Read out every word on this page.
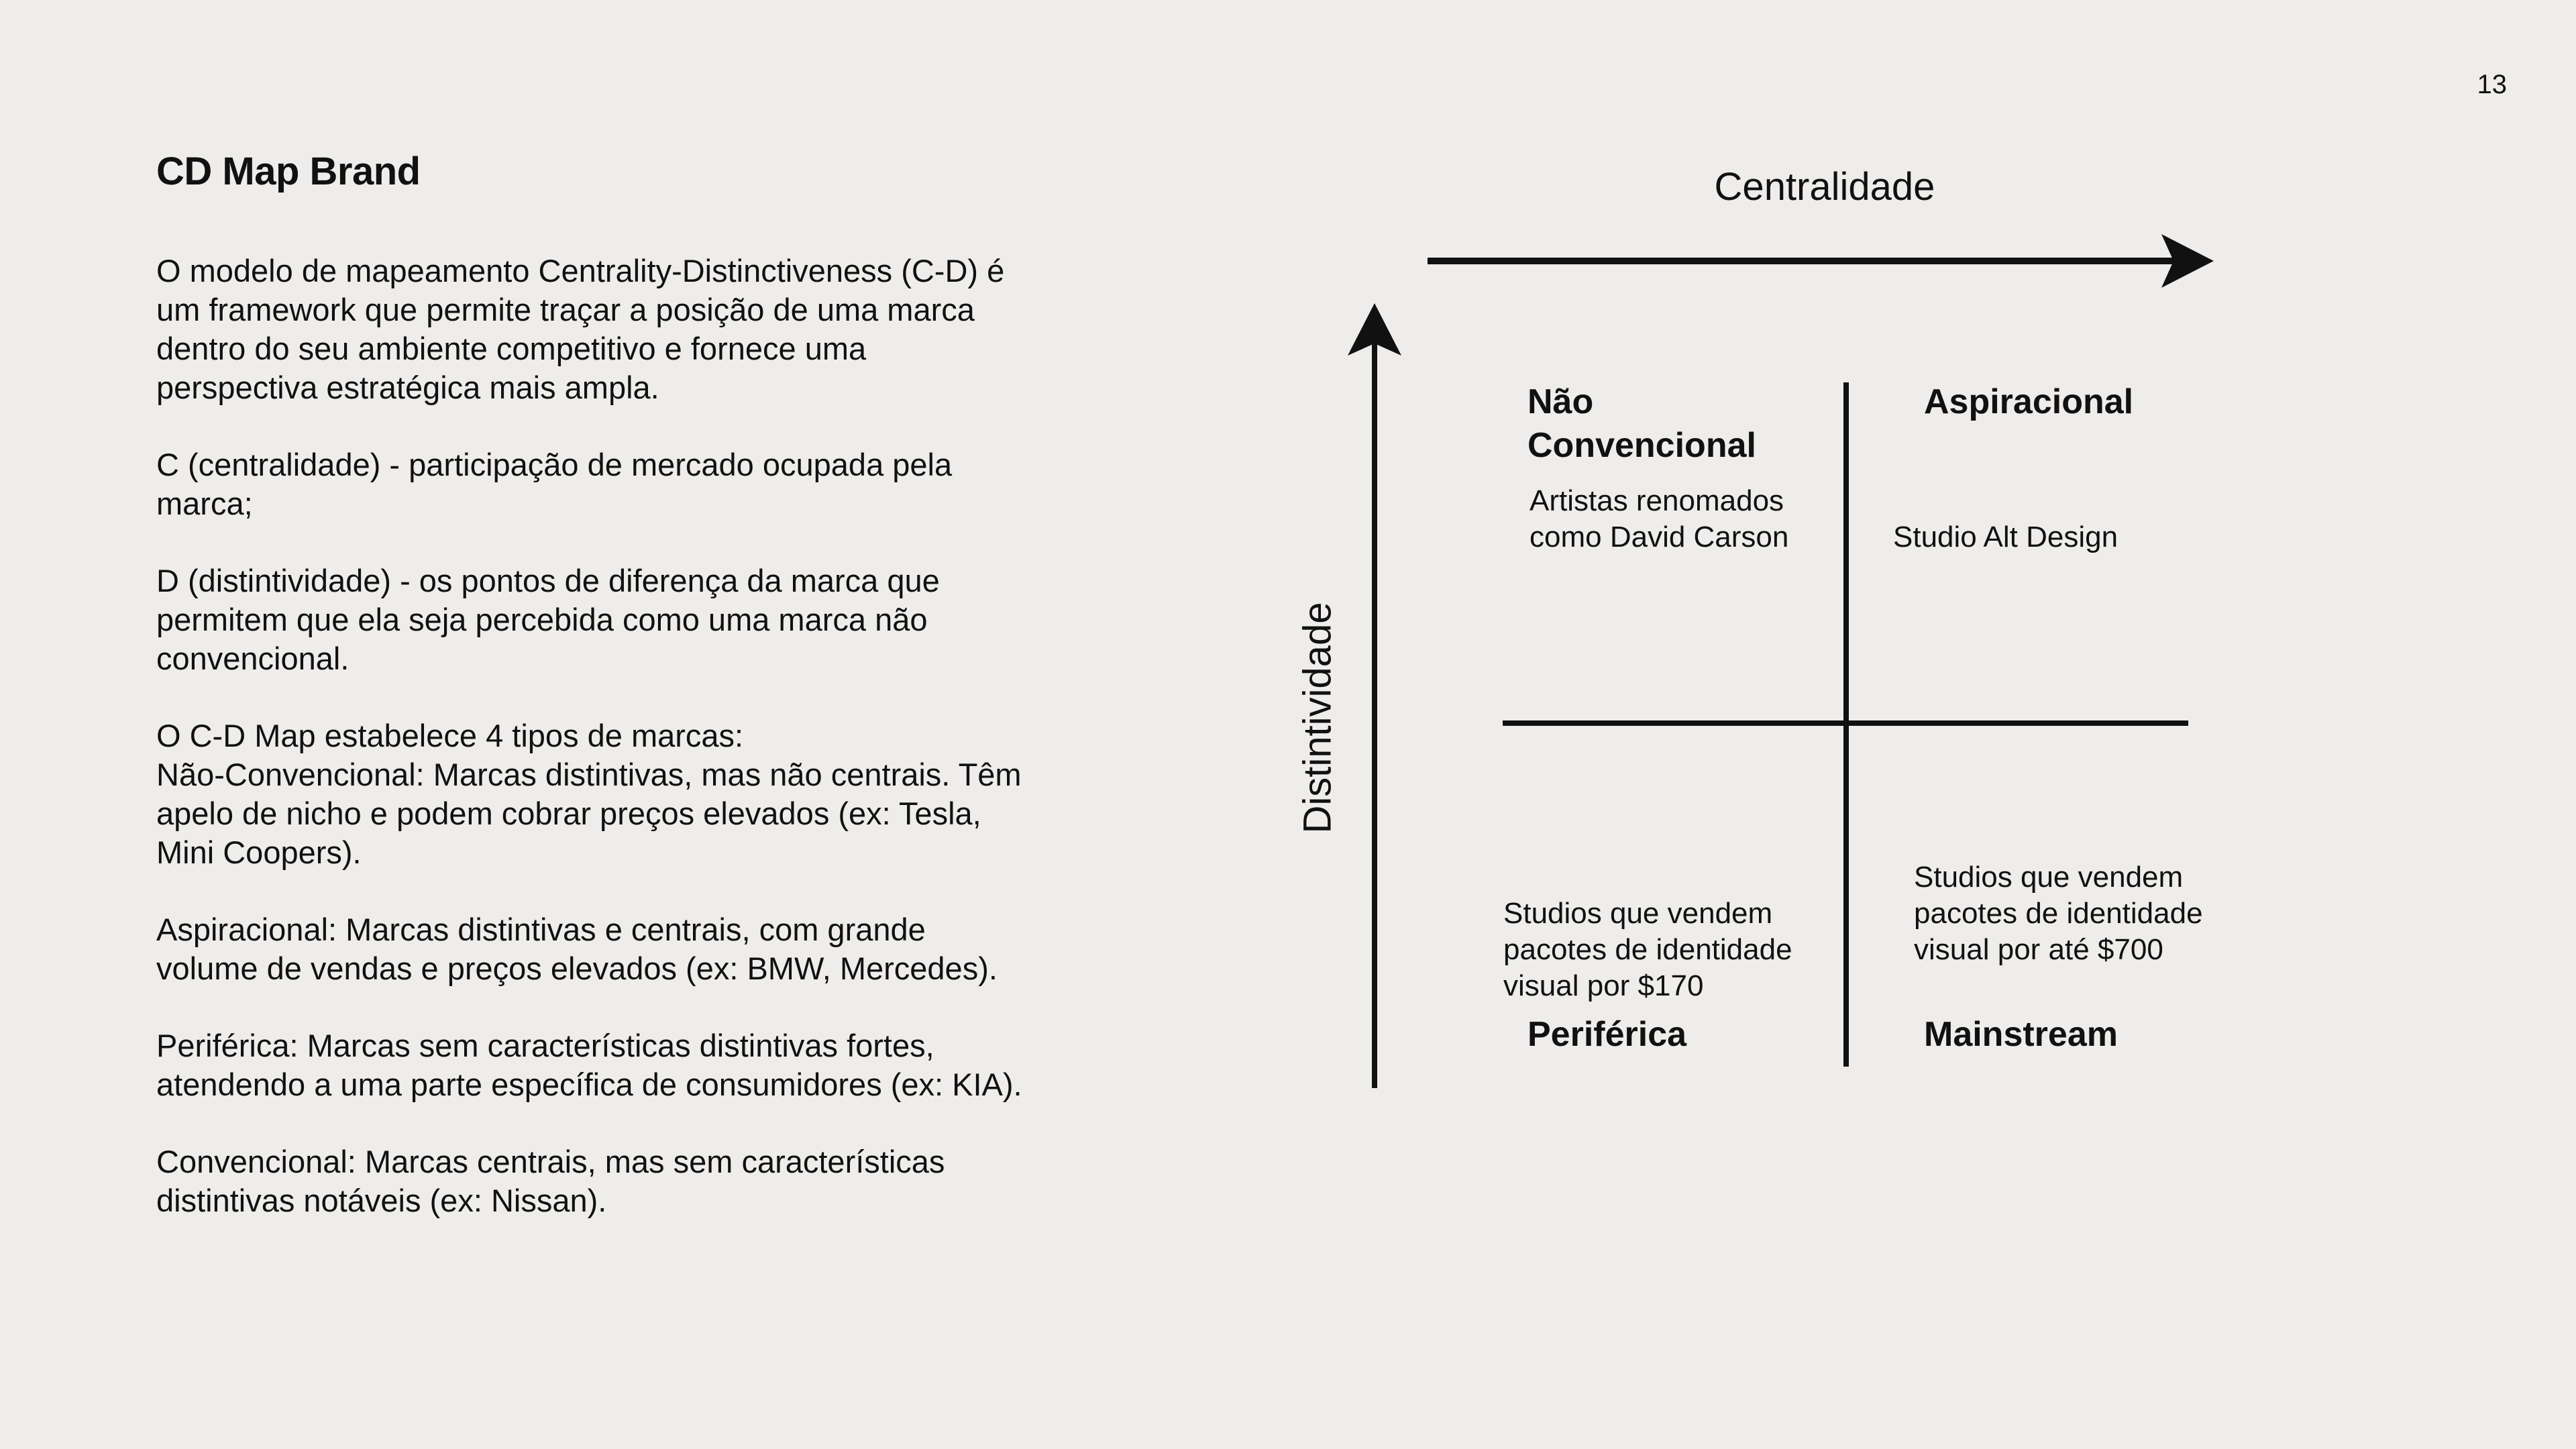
13
CD Map Brand

O modelo de mapeamento Centrality-Distinctiveness (C-D) é
um framework que permite traçar a posição de uma marca
dentro do seu ambiente competitivo e fornece uma
perspectiva estratégica mais ampla.

C (centralidade) - participação de mercado ocupada pela
marca;

D (distintividade) - os pontos de diferença da marca que
permitem que ela seja percebida como uma marca não
convencional.

O C-D Map estabelece 4 tipos de marcas:
Não-Convencional: Marcas distintivas, mas não centrais. Têm
apelo de nicho e podem cobrar preços elevados (ex: Tesla,
Mini Coopers).

Aspiracional: Marcas distintivas e centrais, com grande
volume de vendas e preços elevados (ex: BMW, Mercedes).

Periférica: Marcas sem características distintivas fortes,
atendendo a uma parte específica de consumidores (ex: KIA).

Convencional: Marcas centrais, mas sem características
distintivas notáveis (ex: Nissan).

Centralidade
Distintividade
Não
Convencional
Artistas renomados
como David Carson
Aspiracional
Studio Alt Design
Studios que vendem
pacotes de identidade
visual por $170
Periférica
Studios que vendem
pacotes de identidade
visual por até $700
Mainstream
